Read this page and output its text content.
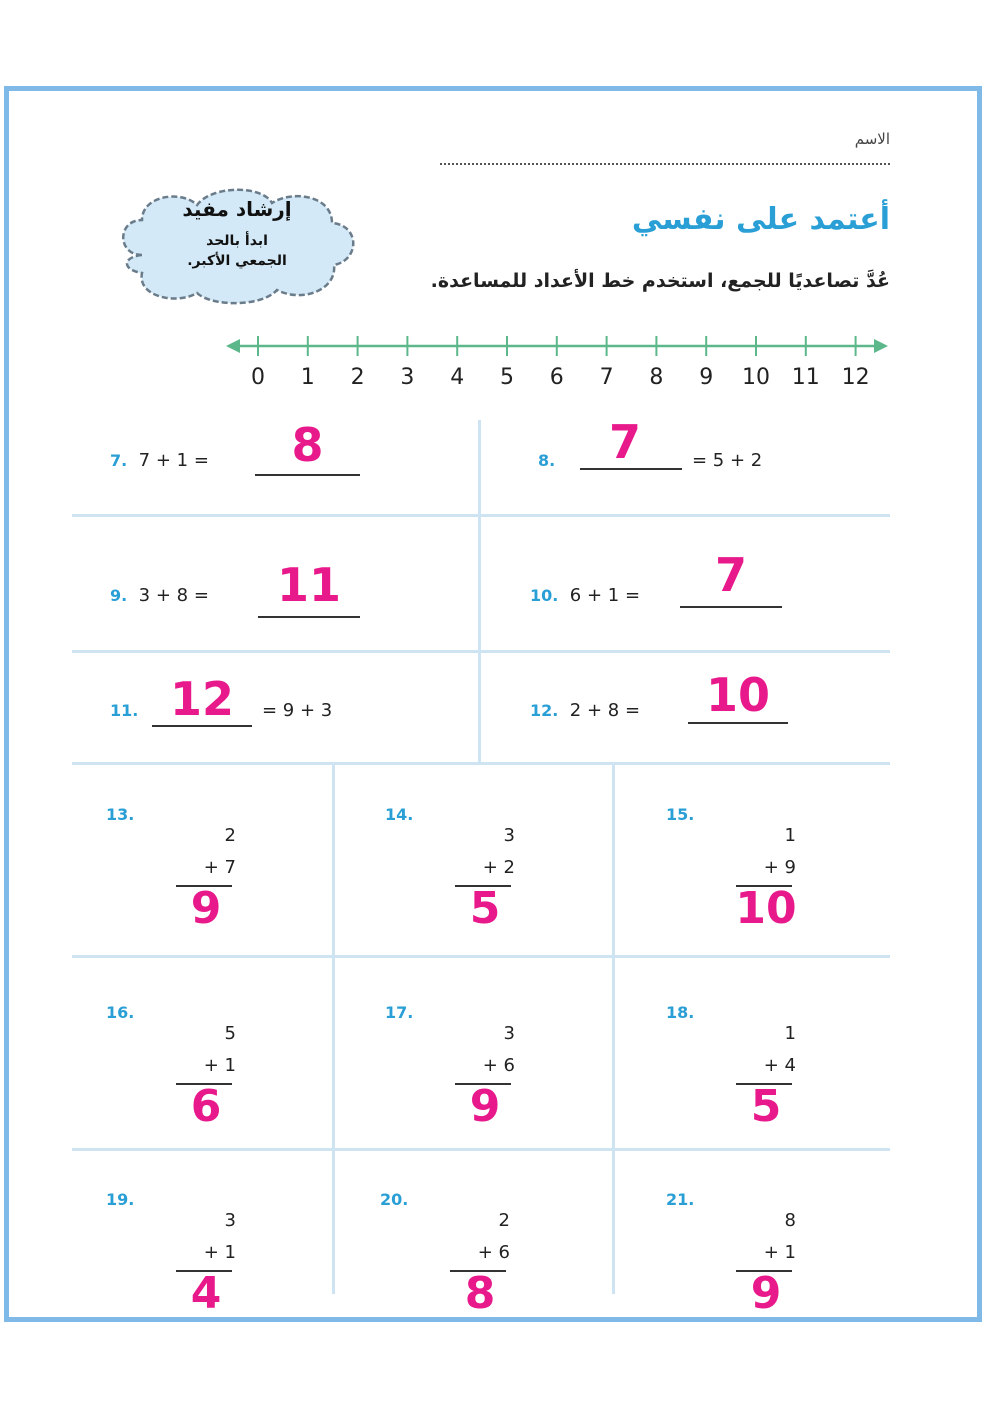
الاسم
أعتمد على نفسي
عُدَّ تصاعديًا للجمع، استخدم خط الأعداد للمساعدة.
إرشاد مفيد
ابدأ بالحد
الجمعي الأكبر.
0 1 2 3 4 5 6 7 8 9 10 11 12
7. 7 + 1 =	8	8.	7	= 5 + 2
9. 3 + 8 =	11	10. 6 + 1 =	7
11. 12	= 9 + 3	12. 2 + 8 =	10
13.
2
+ 7
9
14.
3
+ 2
5
15.
1
+ 9
10
16.
5
+ 1
6
17.
3
+ 6
9
18.
1
+ 4
5
19.
3
+ 1
4
20.
2
+ 6
8
21.
8
+ 1
9
